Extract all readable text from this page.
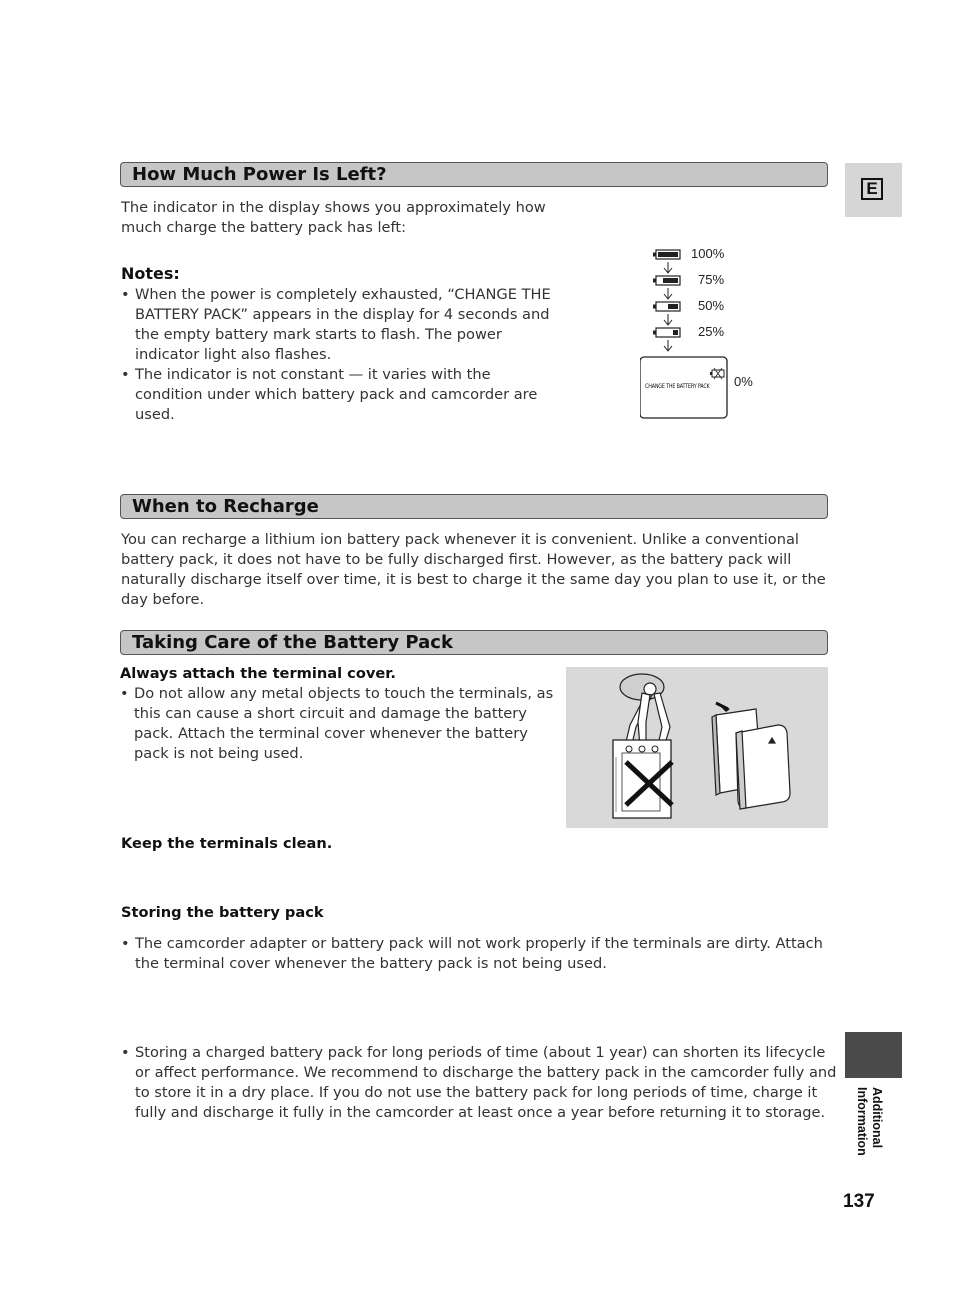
E
How Much Power Is Left?
The indicator in the display shows you approximately how much charge the battery pack has left:
Notes:
• When the power is completely exhausted, “CHANGE THE BATTERY PACK” appears in the display for 4 seconds and the empty battery mark starts to flash. The power indicator light also flashes.
• The indicator is not constant — it varies with the condition under which battery pack and camcorder are used.
100%
75%
50%
25%
0%
CHANGE THE BATTERY PACK
When to Recharge
You can recharge a lithium ion battery pack whenever it is convenient. Unlike a conventional battery pack, it does not have to be fully discharged first. However, as the battery pack will naturally discharge itself over time, it is best to charge it the same day you plan to use it, or the day before.
Taking Care of the Battery Pack
Always attach the terminal cover.
• Do not allow any metal objects to touch the terminals, as this can cause a short circuit and damage the battery pack. Attach the terminal cover whenever the battery pack is not being used.
Keep the terminals clean.
• The camcorder adapter or battery pack will not work properly if the terminals are dirty. Attach the terminal cover whenever the battery pack is not being used.
Storing the battery pack
• Storing a charged battery pack for long periods of time (about 1 year) can shorten its lifecycle or affect performance. We recommend to discharge the battery pack in the camcorder fully and to store it in a dry place. If you do not use the battery pack for long periods of time, charge it fully and discharge it fully in the camcorder at least once a year before returning it to storage.	Additional Information
137
